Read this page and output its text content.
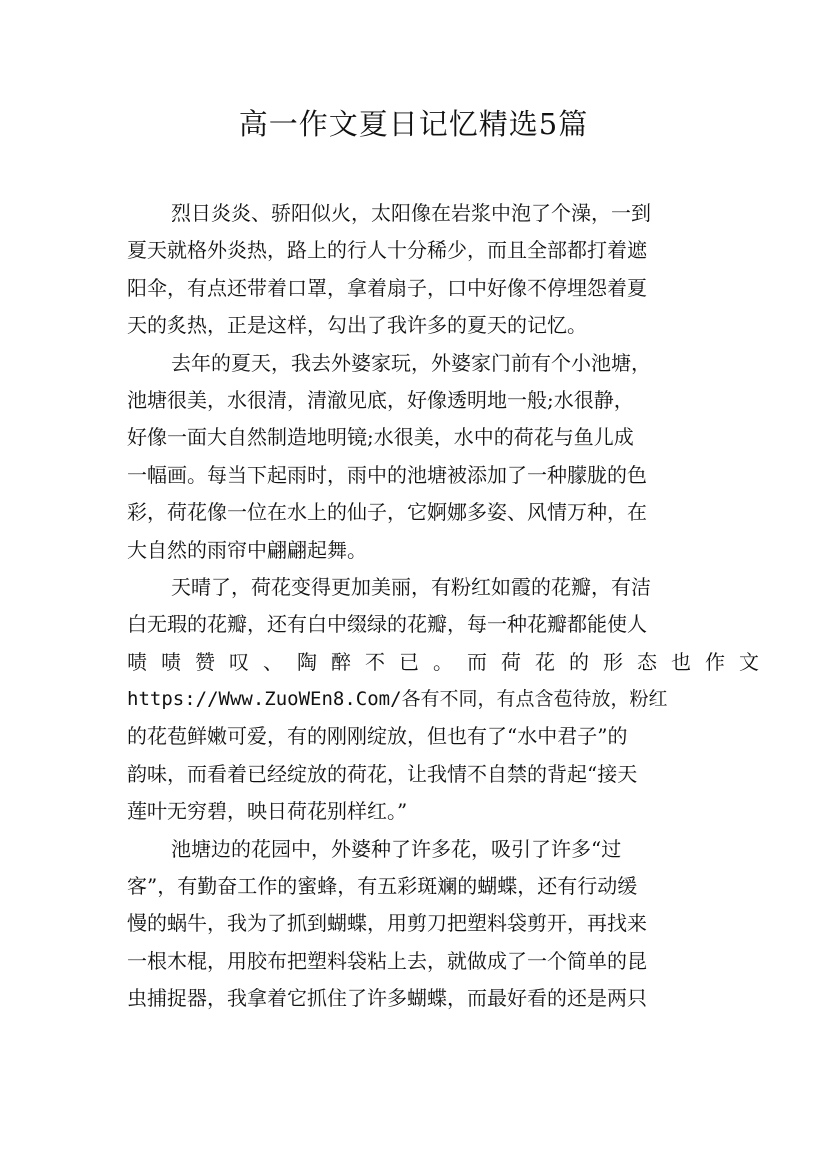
高一作文夏日记忆精选5篇
烈日炎炎、骄阳似火，太阳像在岩浆中泡了个澡，一到
夏天就格外炎热，路上的行人十分稀少，而且全部都打着遮
阳伞，有点还带着口罩，拿着扇子，口中好像不停埋怨着夏
天的炙热，正是这样，勾出了我许多的夏天的记忆。
去年的夏天，我去外婆家玩，外婆家门前有个小池塘，
池塘很美，水很清，清澈见底，好像透明地一般;水很静，
好像一面大自然制造地明镜;水很美，水中的荷花与鱼儿成
一幅画。每当下起雨时，雨中的池塘被添加了一种朦胧的色
彩，荷花像一位在水上的仙子，它婀娜多姿、风情万种，在
大自然的雨帘中翩翩起舞。
天晴了，荷花变得更加美丽，有粉红如霞的花瓣，有洁
白无瑕的花瓣，还有白中缀绿的花瓣，每一种花瓣都能使人
啧啧赞叹、陶醉不已。而荷花的形态也作文
https://Www.ZuoWEn8.Com/各有不同，有点含苞待放，粉红
的花苞鲜嫩可爱，有的刚刚绽放，但也有了“水中君子”的
韵味，而看着已经绽放的荷花，让我情不自禁的背起“接天
莲叶无穷碧，映日荷花别样红。”
池塘边的花园中，外婆种了许多花，吸引了许多“过
客”，有勤奋工作的蜜蜂，有五彩斑斓的蝴蝶，还有行动缓
慢的蜗牛，我为了抓到蝴蝶，用剪刀把塑料袋剪开，再找来
一根木棍，用胶布把塑料袋粘上去，就做成了一个简单的昆
虫捕捉器，我拿着它抓住了许多蝴蝶，而最好看的还是两只
